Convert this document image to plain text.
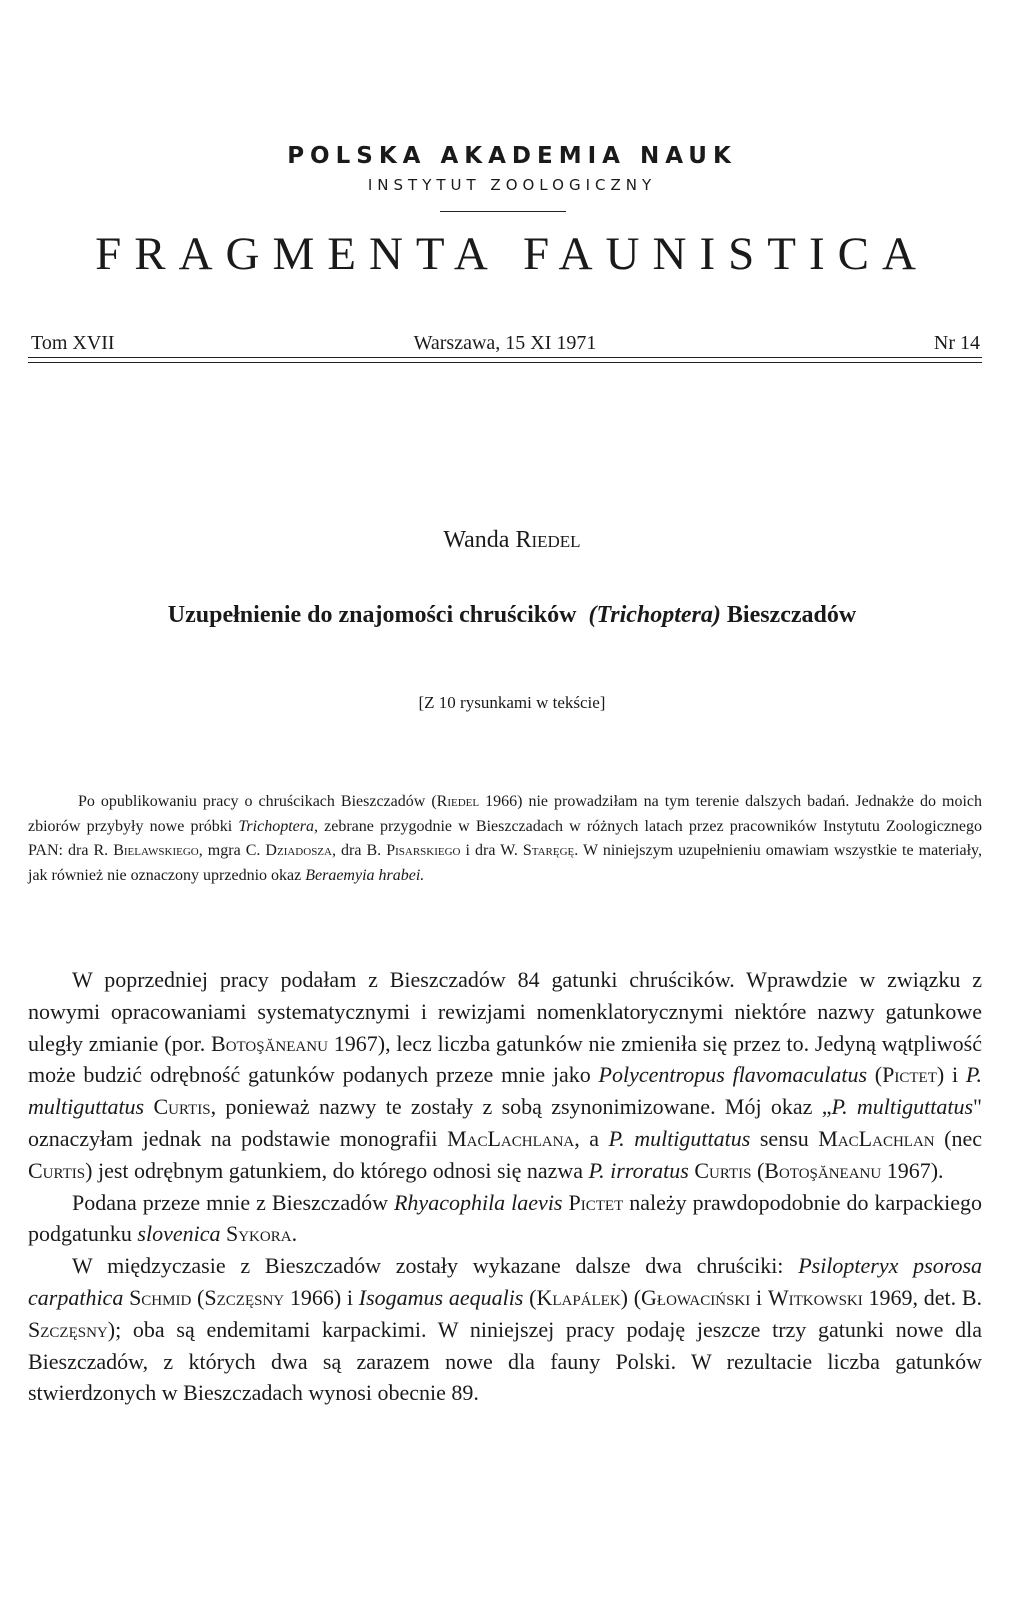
POLSKA AKADEMIA NAUK
INSTYTUT ZOOLOGICZNY
FRAGMENTA FAUNISTICA
Warszawa, 15 XI 1971
Tom XVII	Nr 14
Wanda Riedel
Uzupełnienie do znajomości chruścików (Trichoptera) Bieszczadów
[Z 10 rysunkami w tekście]

Po opublikowaniu pracy o chruścikach Bieszczadów (Riedel 1966) nie prowadziłam na tym terenie dalszych badań. Jednakże do moich zbiorów przybyły nowe próbki Trichoptera, zebrane przygodnie w Bieszczadach w różnych latach przez pracowników Instytutu Zoologicznego PAN: dra R. Bielawskiego, mgra C. Dziadosza, dra B. Pisarskiego i dra W. Staręgę. W niniejszym uzupełnieniu omawiam wszystkie te materiały, jak również nie oznaczony uprzednio okaz Beraemyia hrabei.

W poprzedniej pracy podałam z Bieszczadów 84 gatunki chruścików. Wprawdzie w związku z nowymi opracowaniami systematycznymi i rewizjami nomenklatorycznymi niektóre nazwy gatunkowe uległy zmianie (por. Botoşăneanu 1967), lecz liczba gatunków nie zmieniła się przez to. Jedyną wątpliwość może budzić odrębność gatunków podanych przeze mnie jako Polycentropus flavomaculatus (Pictet) i P. multiguttatus Curtis, ponieważ nazwy te zostały z sobą zsynonimizowane. Mój okaz „P. multiguttatus" oznaczyłam jednak na podstawie monografii MacLachlana, a P. multiguttatus sensu MacLachlan (nec Curtis) jest odrębnym gatunkiem, do którego odnosi się nazwa P. irroratus Curtis (Botoşăneanu 1967).

Podana przeze mnie z Bieszczadów Rhyacophila laevis Pictet należy prawdopodobnie do karpackiego podgatunku slovenica Sykora.

W międzyczasie z Bieszczadów zostały wykazane dalsze dwa chruściki: Psilopteryx psorosa carpathica Schmid (Szczęsny 1966) i Isogamus aequalis (Klapálek) (Głowaciński i Witkowski 1969, det. B. Szczęsny); oba są endemitami karpackimi. W niniejszej pracy podaję jeszcze trzy gatunki nowe dla Bieszczadów, z których dwa są zarazem nowe dla fauny Polski. W rezultacie liczba gatunków stwierdzonych w Bieszczadach wynosi obecnie 89.
